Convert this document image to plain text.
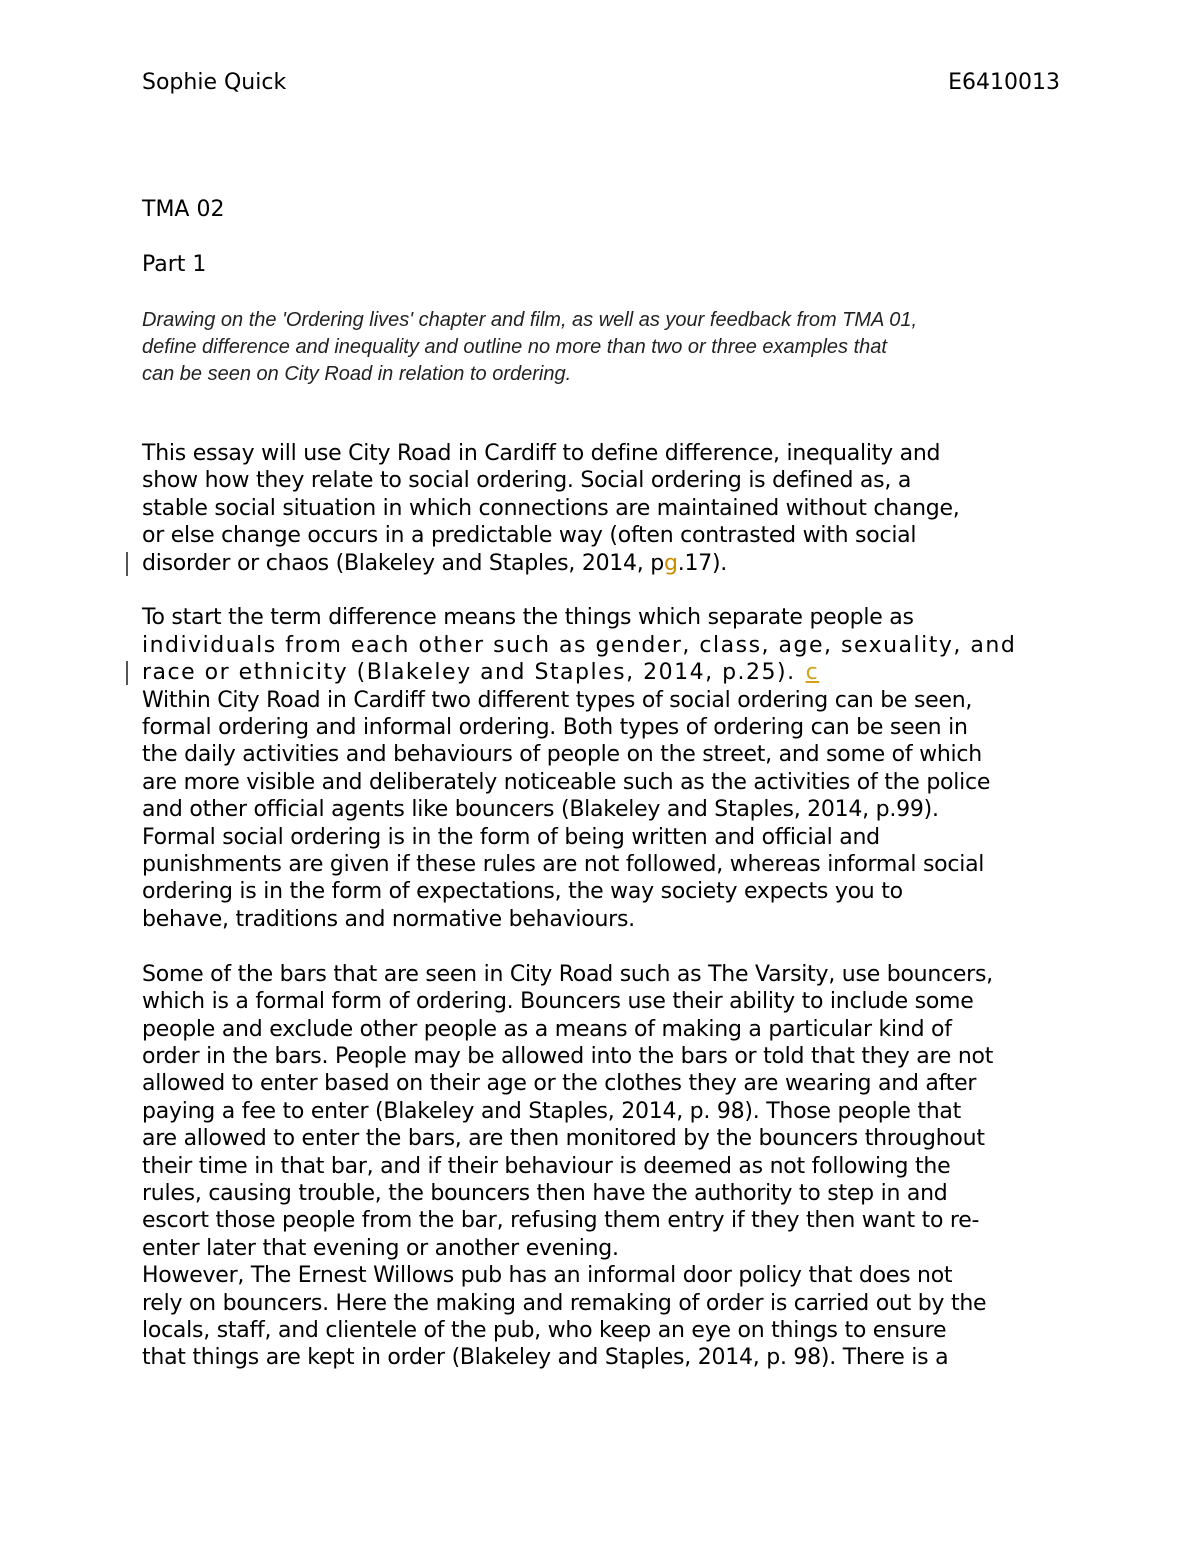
Sophie Quick	E6410013

TMA 02

Part 1

Drawing on the 'Ordering lives' chapter and film, as well as your feedback from TMA 01,
define difference and inequality and outline no more than two or three examples that
can be seen on City Road in relation to ordering.
This essay will use City Road in Cardiff to define difference, inequality and
show how they relate to social ordering. Social ordering is defined as, a
stable social situation in which connections are maintained without change,
or else change occurs in a predictable way (often contrasted with social
disorder or chaos (Blakeley and Staples, 2014, pg.17).
To start the term difference means the things which separate people as
individuals from each other such as gender, class, age, sexuality, and
race or ethnicity (Blakeley and Staples, 2014, p.25). c
Within City Road in Cardiff two different types of social ordering can be seen,
formal ordering and informal ordering. Both types of ordering can be seen in
the daily activities and behaviours of people on the street, and some of which
are more visible and deliberately noticeable such as the activities of the police
and other official agents like bouncers (Blakeley and Staples, 2014, p.99).
Formal social ordering is in the form of being written and official and
punishments are given if these rules are not followed, whereas informal social
ordering is in the form of expectations, the way society expects you to
behave, traditions and normative behaviours.
Some of the bars that are seen in City Road such as The Varsity, use bouncers,
which is a formal form of ordering. Bouncers use their ability to include some
people and exclude other people as a means of making a particular kind of
order in the bars. People may be allowed into the bars or told that they are not
allowed to enter based on their age or the clothes they are wearing and after
paying a fee to enter (Blakeley and Staples, 2014, p. 98). Those people that
are allowed to enter the bars, are then monitored by the bouncers throughout
their time in that bar, and if their behaviour is deemed as not following the
rules, causing trouble, the bouncers then have the authority to step in and
escort those people from the bar, refusing them entry if they then want to re-
enter later that evening or another evening.
However, The Ernest Willows pub has an informal door policy that does not
rely on bouncers. Here the making and remaking of order is carried out by the
locals, staff, and clientele of the pub, who keep an eye on things to ensure
that things are kept in order (Blakeley and Staples, 2014, p. 98). There is a
